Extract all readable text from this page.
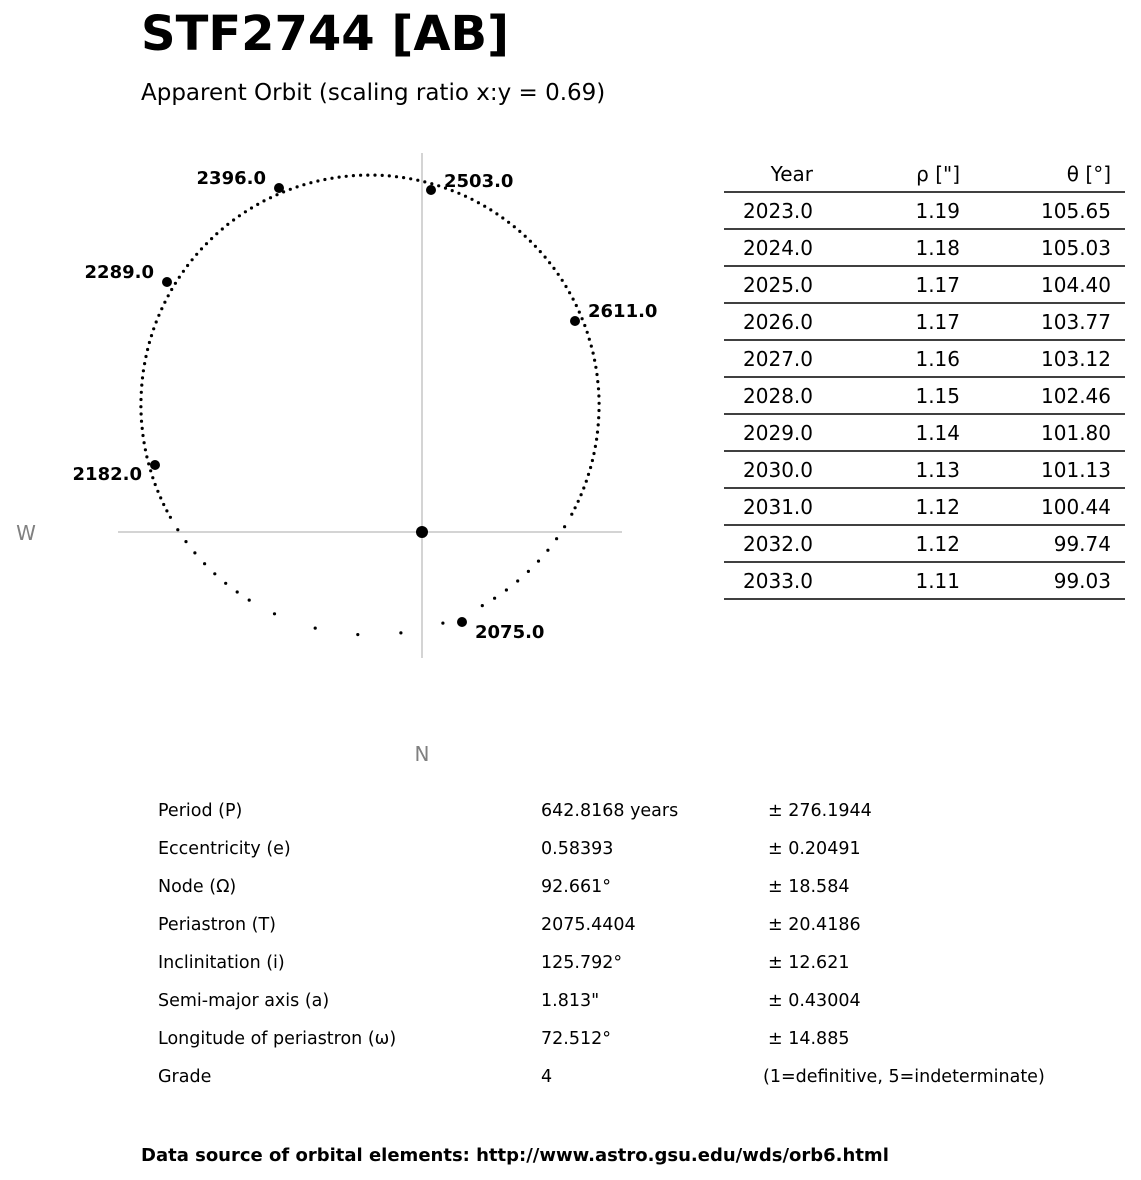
STF2744 [AB]
Apparent Orbit (scaling ratio x:y = 0.69)
W
N
2075.0
2182.0
2289.0
2396.0	2503.0
2611.0
Year	ρ ["]	θ [°]
2023.0	1.19	105.65
2024.0	1.18	105.03
2025.0	1.17	104.40
2026.0	1.17	103.77
2027.0	1.16	103.12
2028.0	1.15	102.46
2029.0	1.14	101.80
2030.0	1.13	101.13
2031.0	1.12	100.44
2032.0	1.12	99.74
2033.0	1.11	99.03
Period (P)	642.8168 years	± 276.1944
Eccentricity (e)	0.58393	± 0.20491
Node (Ω)	92.661°	± 18.584
Periastron (T)	2075.4404	± 20.4186
Inclinitation (i)	125.792°	± 12.621
Semi-major axis (a)	1.813"	± 0.43004
Longitude of periastron (ω)	72.512°	± 14.885
Grade	4	(1=definitive, 5=indeterminate)
Data source of orbital elements: http://www.astro.gsu.edu/wds/orb6.html
